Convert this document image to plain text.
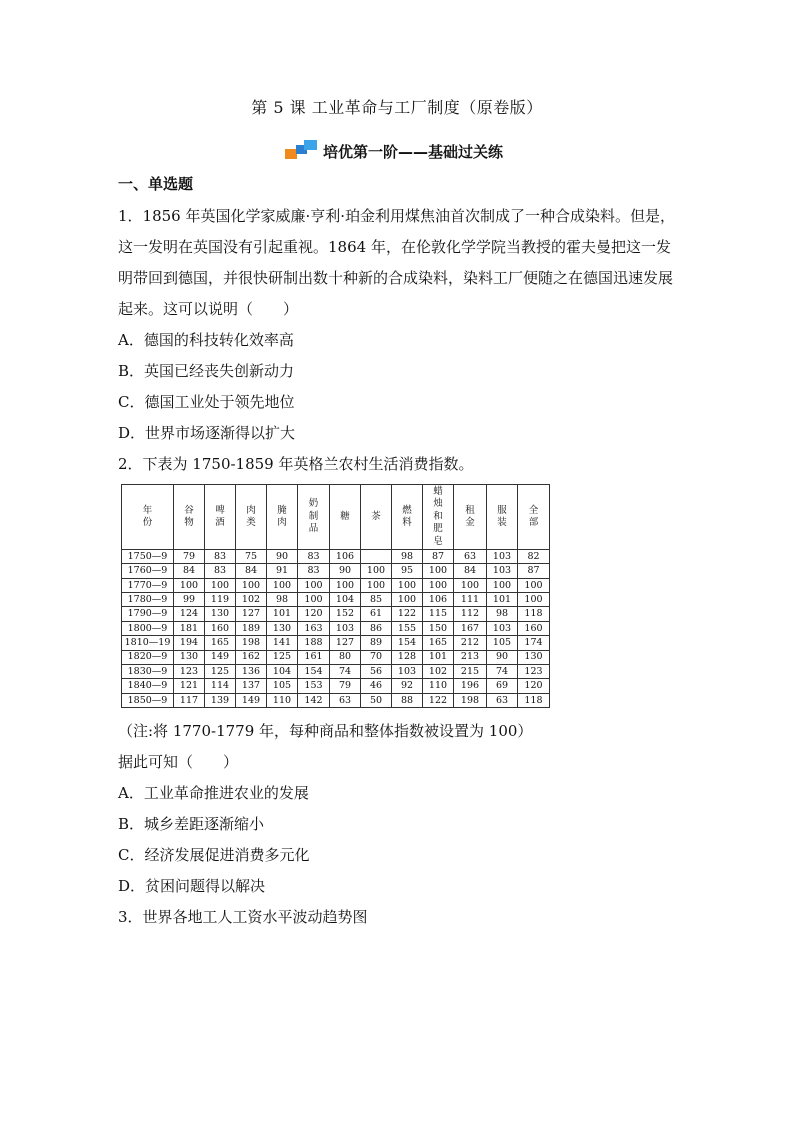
第 5 课 工业革命与工厂制度（原卷版）
培优第一阶——基础过关练
一、单选题
1．1856 年英国化学家威廉·亨利·珀金利用煤焦油首次制成了一种合成染料。但是，这一发明在英国没有引起重视。1864 年，在伦敦化学学院当教授的霍夫曼把这一发明带回到德国，并很快研制出数十种新的合成染料，染料工厂便随之在德国迅速发展起来。这可以说明（　　）
A．德国的科技转化效率高
B．英国已经丧失创新动力
C．德国工业处于领先地位
D．世界市场逐渐得以扩大
2．下表为 1750-1859 年英格兰农村生活消费指数。
年份	谷物	啤酒	肉类	腌肉	奶制品	糖	茶	燃料	蜡烛和肥皂	租金	服装	全部
1750—9	79	83	75	90	83	106		98	87	63	103	82
1760—9	84	83	84	91	83	90	100	95	100	84	103	87
1770—9	100	100	100	100	100	100	100	100	100	100	100	100
1780—9	99	119	102	98	100	104	85	100	106	111	101	100
1790—9	124	130	127	101	120	152	61	122	115	112	98	118
1800—9	181	160	189	130	163	103	86	155	150	167	103	160
1810—19	194	165	198	141	188	127	89	154	165	212	105	174
1820—9	130	149	162	125	161	80	70	128	101	213	90	130
1830—9	123	125	136	104	154	74	56	103	102	215	74	123
1840—9	121	114	137	105	153	79	46	92	110	196	69	120
1850—9	117	139	149	110	142	63	50	88	122	198	63	118
（注:将 1770-1779 年，每种商品和整体指数被设置为 100）
据此可知（　　）
A．工业革命推进农业的发展
B．城乡差距逐渐缩小
C．经济发展促进消费多元化
D．贫困问题得以解决
3．世界各地工人工资水平波动趋势图
